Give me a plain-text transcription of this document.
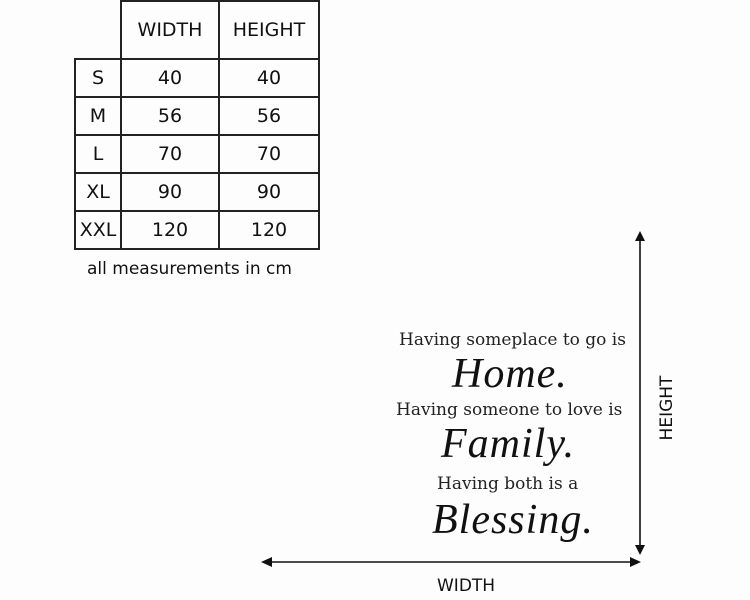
	WIDTH	HEIGHT
S	40	40
M	56	56
L	70	70
XL	90	90
XXL	120	120
all measurements in cm
Having someplace to go is
Home.
Having someone to love is
Family.
Having both is a
Blessing.
HEIGHT
WIDTH
